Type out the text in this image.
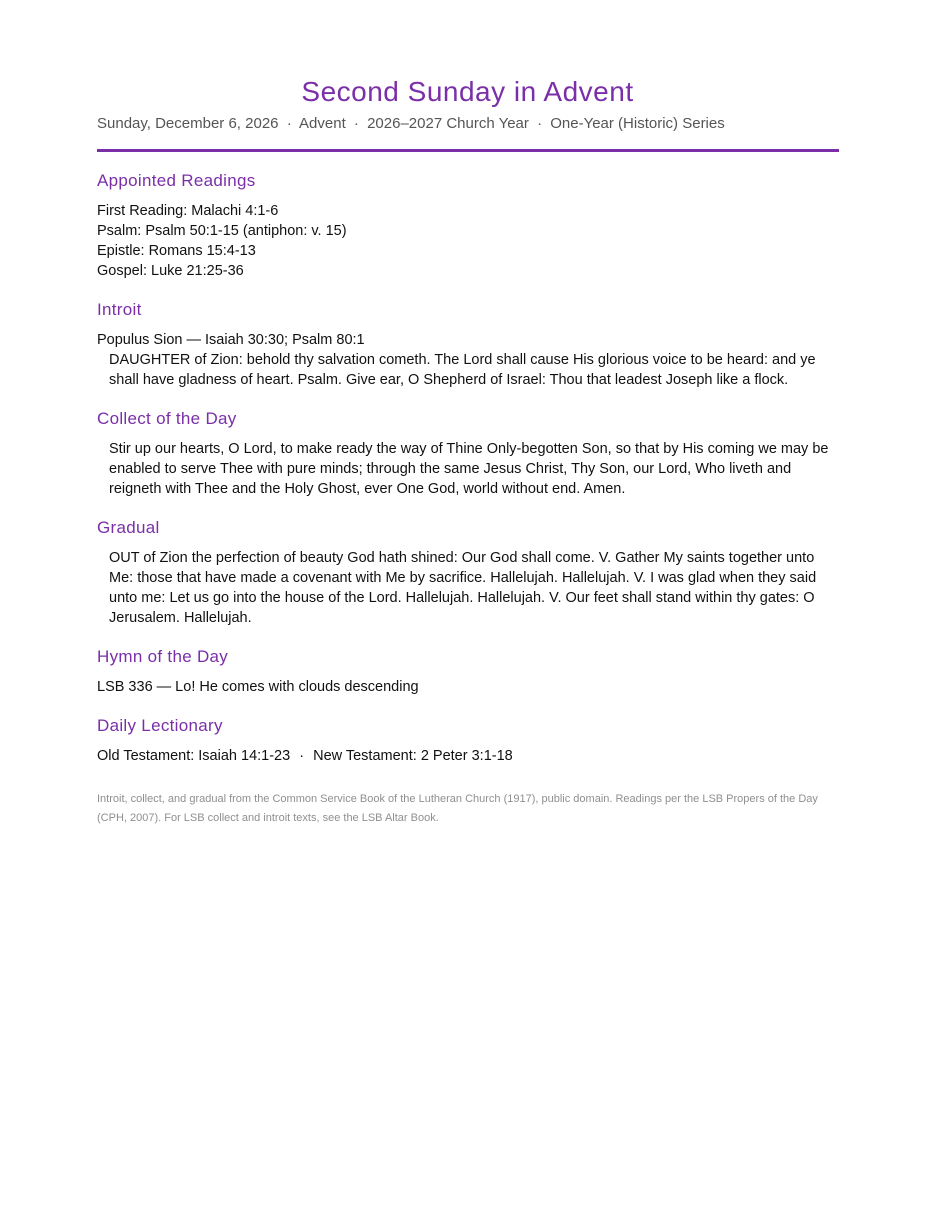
Second Sunday in Advent
Sunday, December 6, 2026 · Advent · 2026–2027 Church Year · One-Year (Historic) Series
Appointed Readings
First Reading: Malachi 4:1-6
Psalm: Psalm 50:1-15 (antiphon: v. 15)
Epistle: Romans 15:4-13
Gospel: Luke 21:25-36
Introit
Populus Sion — Isaiah 30:30; Psalm 80:1
DAUGHTER of Zion: behold thy salvation cometh. The Lord shall cause His glorious voice to be heard: and ye shall have gladness of heart. Psalm. Give ear, O Shepherd of Israel: Thou that leadest Joseph like a flock.
Collect of the Day
Stir up our hearts, O Lord, to make ready the way of Thine Only-begotten Son, so that by His coming we may be enabled to serve Thee with pure minds; through the same Jesus Christ, Thy Son, our Lord, Who liveth and reigneth with Thee and the Holy Ghost, ever One God, world without end. Amen.
Gradual
OUT of Zion the perfection of beauty God hath shined: Our God shall come. V. Gather My saints together unto Me: those that have made a covenant with Me by sacrifice. Hallelujah. Hallelujah. V. I was glad when they said unto me: Let us go into the house of the Lord. Hallelujah. Hallelujah. V. Our feet shall stand within thy gates: O Jerusalem. Hallelujah.
Hymn of the Day
LSB 336 — Lo! He comes with clouds descending
Daily Lectionary
Old Testament: Isaiah 14:1-23 · New Testament: 2 Peter 3:1-18
Introit, collect, and gradual from the Common Service Book of the Lutheran Church (1917), public domain. Readings per the LSB Propers of the Day (CPH, 2007). For LSB collect and introit texts, see the LSB Altar Book.
